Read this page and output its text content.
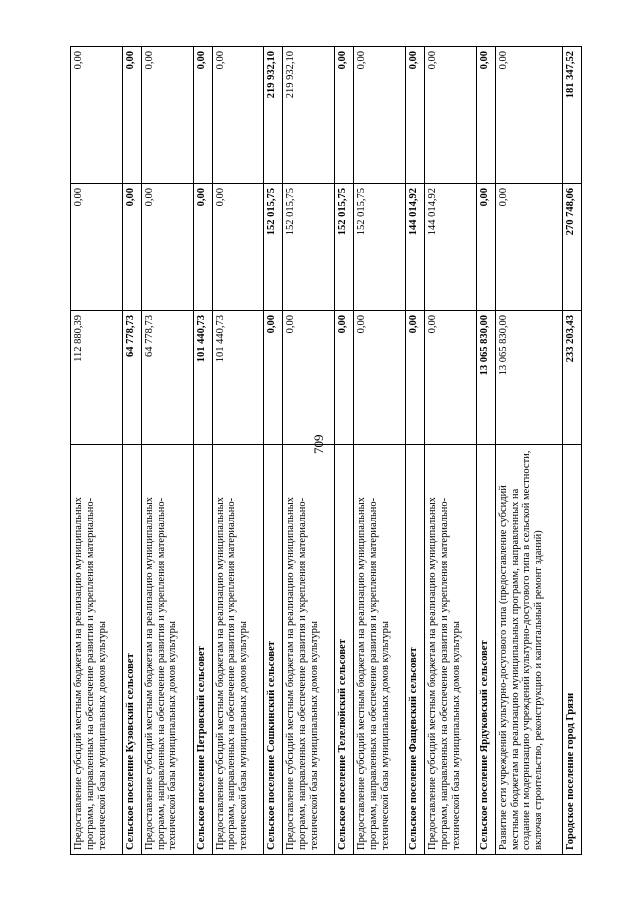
709
Предоставление субсидий местным бюджетам на реализацию муниципальных программ, направленных на обеспечение развития и укрепления материально-технической базы муниципальных домов культуры	112 880,39	0,00	0,00
Сельское поселение Кузовский сельсовет	64 778,73	0,00	0,00
Предоставление субсидий местным бюджетам на реализацию муниципальных программ, направленных на обеспечение развития и укрепления материально-технической базы муниципальных домов культуры	64 778,73	0,00	0,00
Сельское поселение Петровский сельсовет	101 440,73	0,00	0,00
Предоставление субсидий местным бюджетам на реализацию муниципальных программ, направленных на обеспечение развития и укрепления материально-технической базы муниципальных домов культуры	101 440,73	0,00	0,00
Сельское поселение Сошкинский сельсовет	0,00	152 015,75	219 932,10
Предоставление субсидий местным бюджетам на реализацию муниципальных программ, направленных на обеспечение развития и укрепления материально-технической базы муниципальных домов культуры	0,00	152 015,75	219 932,10
Сельское поселение Телелюйский сельсовет	0,00	152 015,75	0,00
Предоставление субсидий местным бюджетам на реализацию муниципальных программ, направленных на обеспечение развития и укрепления материально-технической базы муниципальных домов культуры	0,00	152 015,75	0,00
Сельское поселение Фащевский сельсовет	0,00	144 014,92	0,00
Предоставление субсидий местным бюджетам на реализацию муниципальных программ, направленных на обеспечение развития и укрепления материально-технической базы муниципальных домов культуры	0,00	144 014,92	0,00
Сельское поселение Ярдуковский сельсовет	13 065 830,00	0,00	0,00
Развитие сети учреждений культурно-досугового типа (предоставление субсидий местным бюджетам на реализацию муниципальных программ, направленных на создание и модернизацию учреждений культурно-досугового типа в сельской местности, включая строительство, реконструкцию и капитальный ремонт зданий)	13 065 830,00	0,00	0,00
Городское поселение город Грязи	233 203,43	270 748,06	181 347,52
